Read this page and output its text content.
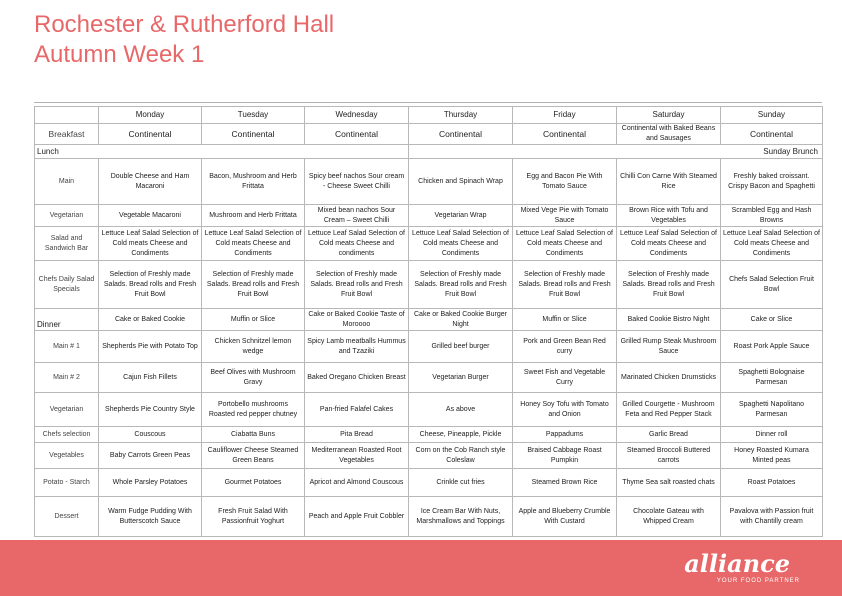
Rochester & Rutherford Hall
Autumn Week 1
	Monday	Tuesday	Wednesday	Thursday	Friday	Saturday	Sunday
Breakfast	Continental	Continental	Continental	Continental	Continental	Continental with Baked Beans and Sausages	Continental
Lunch				Sunday Brunch			
Main	Double Cheese and Ham Macaroni	Bacon, Mushroom and Herb Frittata	Spicy beef nachos Sour cream - Cheese Sweet Chilli	Chicken and Spinach Wrap	Egg and Bacon Pie With Tomato Sauce	Chilli Con Carne With Steamed Rice	Freshly baked croissant. Crispy Bacon and Spaghetti
Vegetarian	Vegetable Macaroni	Mushroom and Herb Frittata	Mixed bean nachos Sour Cream – Sweet Chilli	Vegetarian Wrap	Mixed Vege Pie with Tomato Sauce	Brown Rice with Tofu and Vegetables	Scrambled Egg and Hash Browns
Salad and Sandwich Bar	Lettuce Leaf Salad Selection of Cold meats Cheese and Condiments	Lettuce Leaf Salad Selection of Cold meats Cheese and Condiments	Lettuce Leaf Salad Selection of Cold meats Cheese and condiments	Lettuce Leaf Salad Selection of Cold meats Cheese and Condiments	Lettuce Leaf Salad Selection of Cold meats Cheese and Condiments	Lettuce Leaf Salad Selection of Cold meats Cheese and Condiments	Lettuce Leaf Salad Selection of Cold meats Cheese and Condiments
Chefs Daily Salad Specials	Selection of Freshly made Salads. Bread rolls and Fresh Fruit Bowl	Selection of Freshly made Salads. Bread rolls and Fresh Fruit Bowl	Selection of Freshly made Salads. Bread rolls and Fresh Fruit Bowl	Selection of Freshly made Salads. Bread rolls and Fresh Fruit Bowl	Selection of Freshly made Salads. Bread rolls and Fresh Fruit Bowl	Selection of Freshly made Salads. Bread rolls and Fresh Fruit Bowl	Chefs Salad Selection Fruit Bowl
Dinner	Cake or Baked Cookie	Muffin or Slice	Cake or Baked Cookie Taste of Moroooo	Cake or Baked Cookie Burger Night	Muffin or Slice	Baked Cookie Bistro Night	Cake or Slice
Main # 1	Shepherds Pie with Potato Top	Chicken Schnitzel lemon wedge	Spicy Lamb meatballs Hummus and Tzaziki	Grilled beef burger	Pork and Green Bean Red curry	Grilled Rump Steak Mushroom Sauce	Roast Pork Apple Sauce
Main # 2	Cajun Fish Fillets	Beef Olives with Mushroom Gravy	Baked Oregano Chicken Breast	Vegetarian Burger	Sweet Fish and Vegetable Curry	Marinated Chicken Drumsticks	Spaghetti Bolognaise Parmesan
Vegetarian	Shepherds Pie Country Style	Portobello mushrooms Roasted red pepper chutney	Pan-fried Falafel Cakes	As above	Honey Soy Tofu with Tomato and Onion	Grilled Courgette - Mushroom Feta and Red Pepper Stack	Spaghetti Napolitano Parmesan
Chefs selection	Couscous	Ciabatta Buns	Pita Bread	Cheese, Pineapple, Pickle	Pappadums	Garlic Bread	Dinner roll
Vegetables	Baby Carrots Green Peas	Cauliflower Cheese Steamed Green Beans	Mediterranean Roasted Root Vegetables	Corn on the Cob Ranch style Coleslaw	Braised Cabbage Roast Pumpkin	Steamed Broccoli Buttered carrots	Honey Roasted Kumara Minted peas
Potato - Starch	Whole Parsley Potatoes	Gourmet Potatoes	Apricot and Almond Couscous	Crinkle cut fries	Steamed Brown Rice	Thyme Sea salt roasted chats	Roast Potatoes
Dessert	Warm Fudge Pudding With Butterscotch Sauce	Fresh Fruit Salad With Passionfruit Yoghurt	Peach and Apple Fruit Cobbler	Ice Cream Bar With Nuts, Marshmallows and Toppings	Apple and Blueberry Crumble With Custard	Chocolate Gateau with Whipped Cream	Pavalova with Passion fruit with Chantilly cream
alliance
YOUR FOOD PARTNER
